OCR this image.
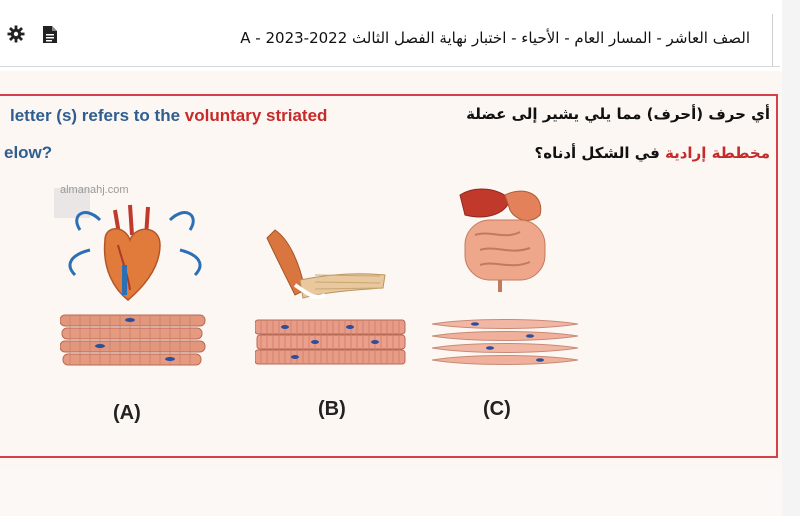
الصف العاشر - المسار العام - الأحياء - اختبار نهاية الفصل الثالث 2022-2023 - A
letter (s) refers to the voluntary striated
elow?
أي حرف (أحرف) مما يلي يشير إلى عضلة
مخططة إرادية في الشكل أدناه؟
almanahj.com
(A)	(B)	(C)
